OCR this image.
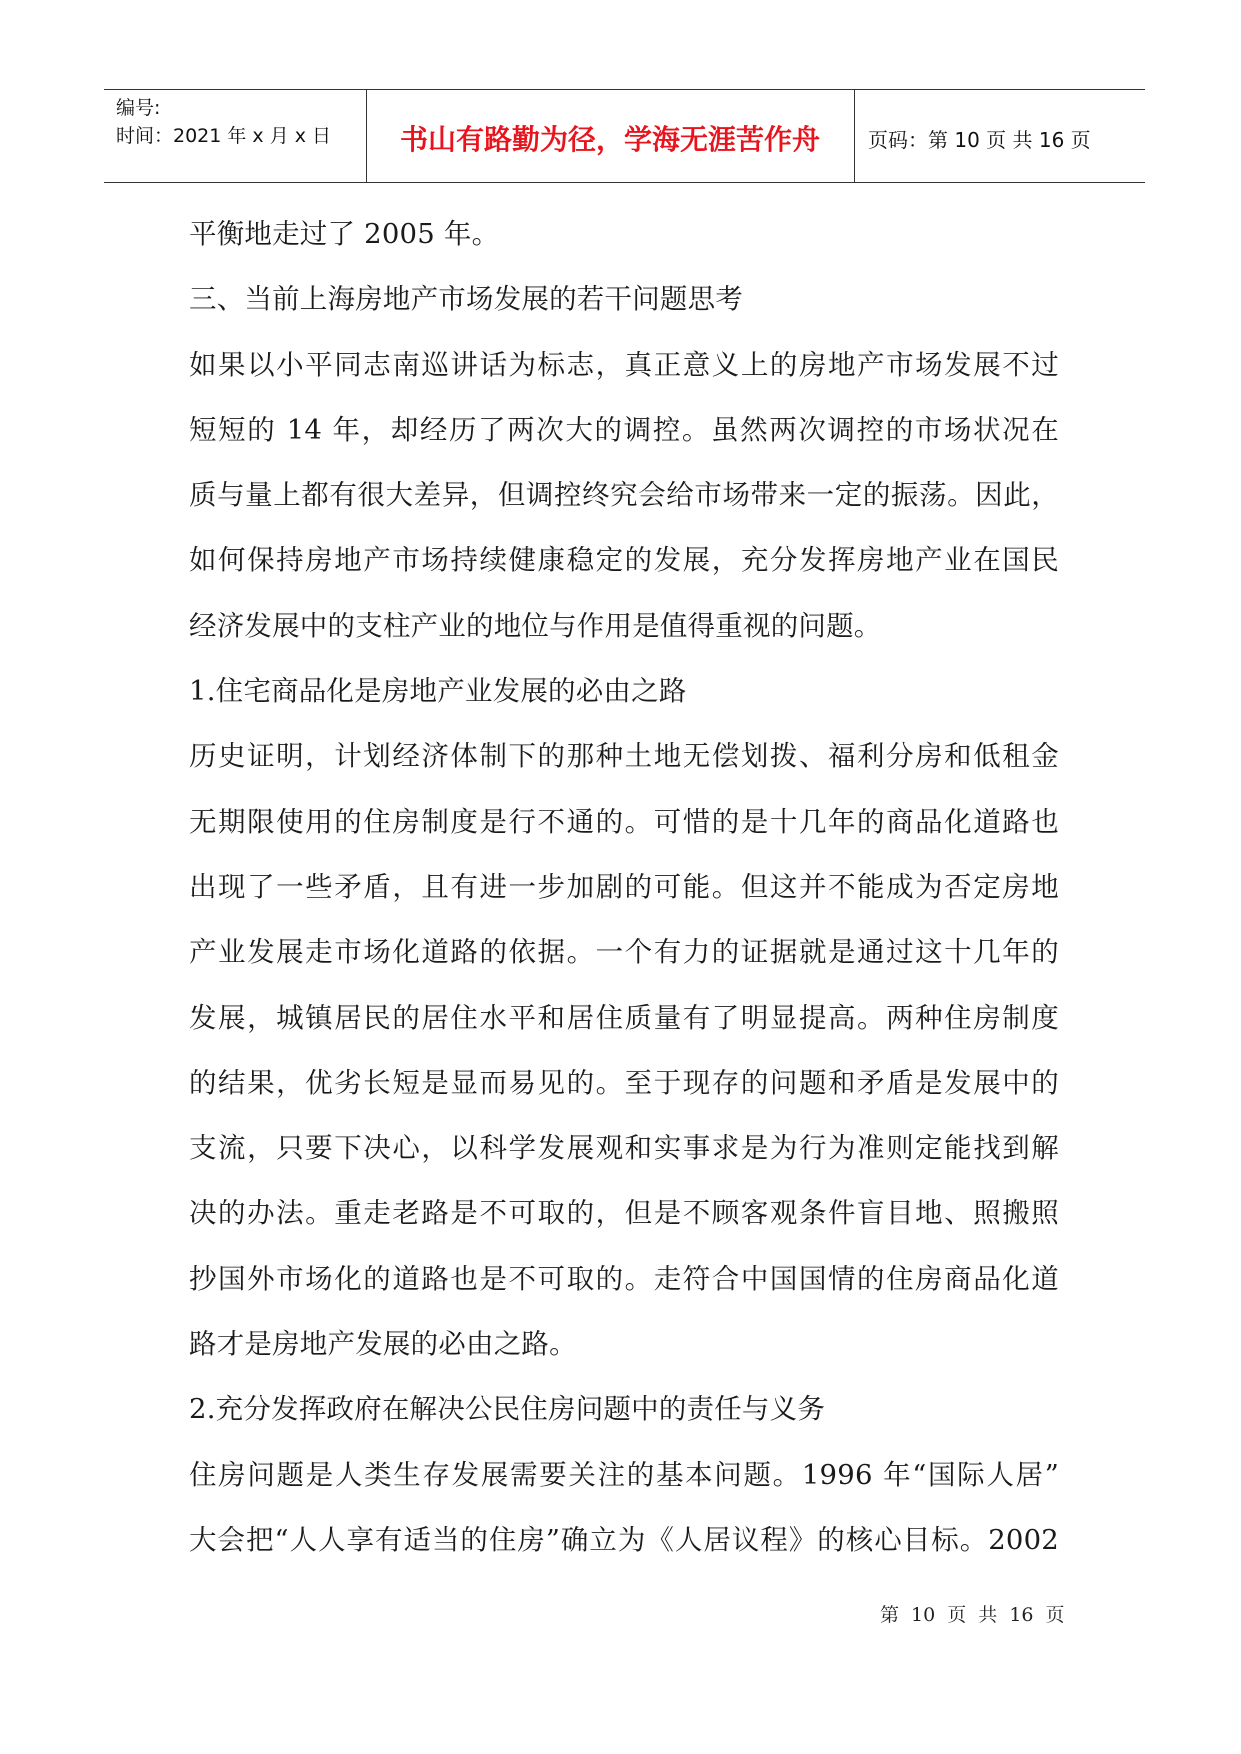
编号:
时间：2021 年 x 月 x 日	书山有路勤为径，学海无涯苦作舟	页码：第 10 页 共 16 页
平衡地走过了 2005 年。
三、当前上海房地产市场发展的若干问题思考
如果以小平同志南巡讲话为标志，真正意义上的房地产市场发展不过
短短的 14 年，却经历了两次大的调控。虽然两次调控的市场状况在
质与量上都有很大差异，但调控终究会给市场带来一定的振荡。因此，
如何保持房地产市场持续健康稳定的发展，充分发挥房地产业在国民
经济发展中的支柱产业的地位与作用是值得重视的问题。
1.住宅商品化是房地产业发展的必由之路
历史证明，计划经济体制下的那种土地无偿划拨、福利分房和低租金
无期限使用的住房制度是行不通的。可惜的是十几年的商品化道路也
出现了一些矛盾，且有进一步加剧的可能。但这并不能成为否定房地
产业发展走市场化道路的依据。一个有力的证据就是通过这十几年的
发展，城镇居民的居住水平和居住质量有了明显提高。两种住房制度
的结果，优劣长短是显而易见的。至于现存的问题和矛盾是发展中的
支流，只要下决心，以科学发展观和实事求是为行为准则定能找到解
决的办法。重走老路是不可取的，但是不顾客观条件盲目地、照搬照
抄国外市场化的道路也是不可取的。走符合中国国情的住房商品化道
路才是房地产发展的必由之路。
2.充分发挥政府在解决公民住房问题中的责任与义务
住房问题是人类生存发展需要关注的基本问题。1996 年“国际人居”
大会把“人人享有适当的住房”确立为《人居议程》的核心目标。2002
第 10 页 共 16 页
